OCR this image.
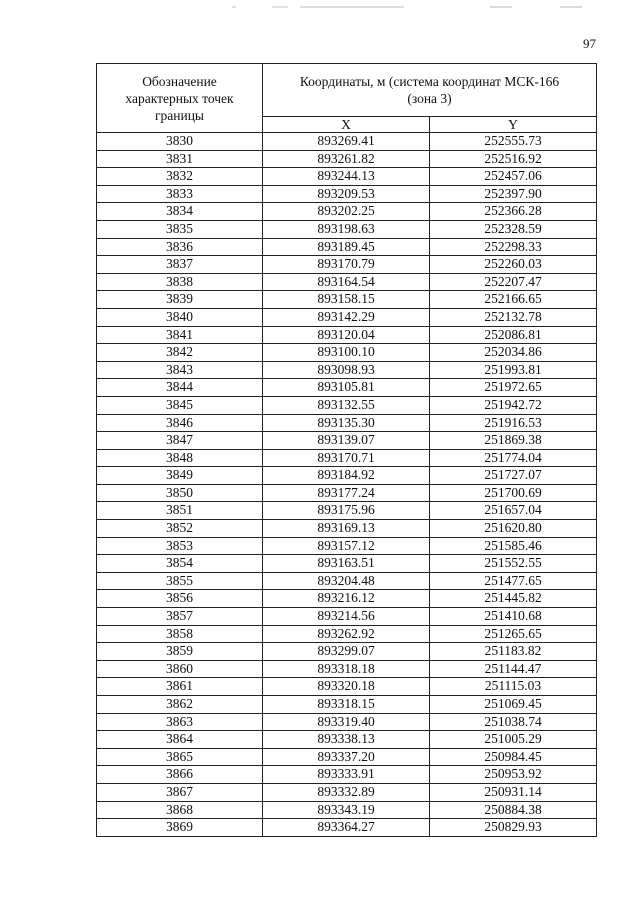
97
Обозначение характерных точек границы	Координаты, м (система координат МСК-166 (зона 3)	
	X	Y
3830	893269.41	252555.73
3831	893261.82	252516.92
3832	893244.13	252457.06
3833	893209.53	252397.90
3834	893202.25	252366.28
3835	893198.63	252328.59
3836	893189.45	252298.33
3837	893170.79	252260.03
3838	893164.54	252207.47
3839	893158.15	252166.65
3840	893142.29	252132.78
3841	893120.04	252086.81
3842	893100.10	252034.86
3843	893098.93	251993.81
3844	893105.81	251972.65
3845	893132.55	251942.72
3846	893135.30	251916.53
3847	893139.07	251869.38
3848	893170.71	251774.04
3849	893184.92	251727.07
3850	893177.24	251700.69
3851	893175.96	251657.04
3852	893169.13	251620.80
3853	893157.12	251585.46
3854	893163.51	251552.55
3855	893204.48	251477.65
3856	893216.12	251445.82
3857	893214.56	251410.68
3858	893262.92	251265.65
3859	893299.07	251183.82
3860	893318.18	251144.47
3861	893320.18	251115.03
3862	893318.15	251069.45
3863	893319.40	251038.74
3864	893338.13	251005.29
3865	893337.20	250984.45
3866	893333.91	250953.92
3867	893332.89	250931.14
3868	893343.19	250884.38
3869	893364.27	250829.93
